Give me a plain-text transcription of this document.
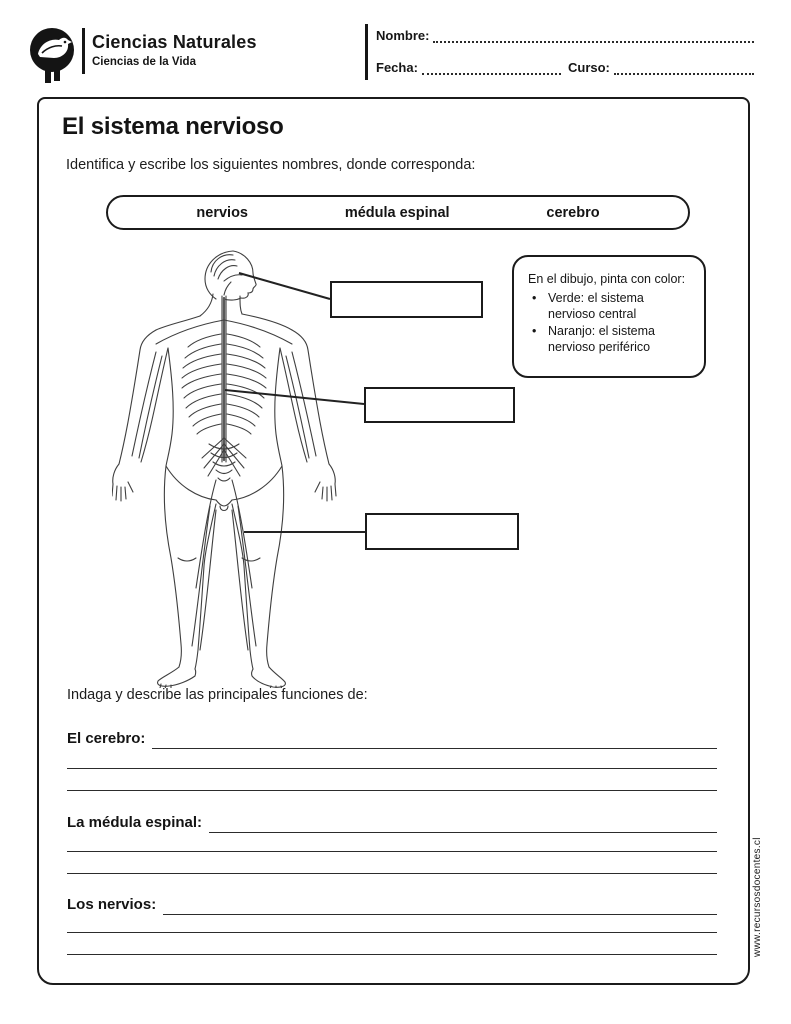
Ciencias Naturales
Ciencias de la Vida
Nombre:
Fecha:	Curso:
El sistema nervioso
Identifica y escribe los siguientes nombres, donde corresponda:
nervios	médula espinal	cerebro
En el dibujo, pinta con color:
• Verde: el sistema nervioso central
• Naranjo: el sistema nervioso periférico
Indaga y describe las principales funciones de:
El cerebro:
La médula espinal:
Los nervios:	www.recursosdocentes.cl
